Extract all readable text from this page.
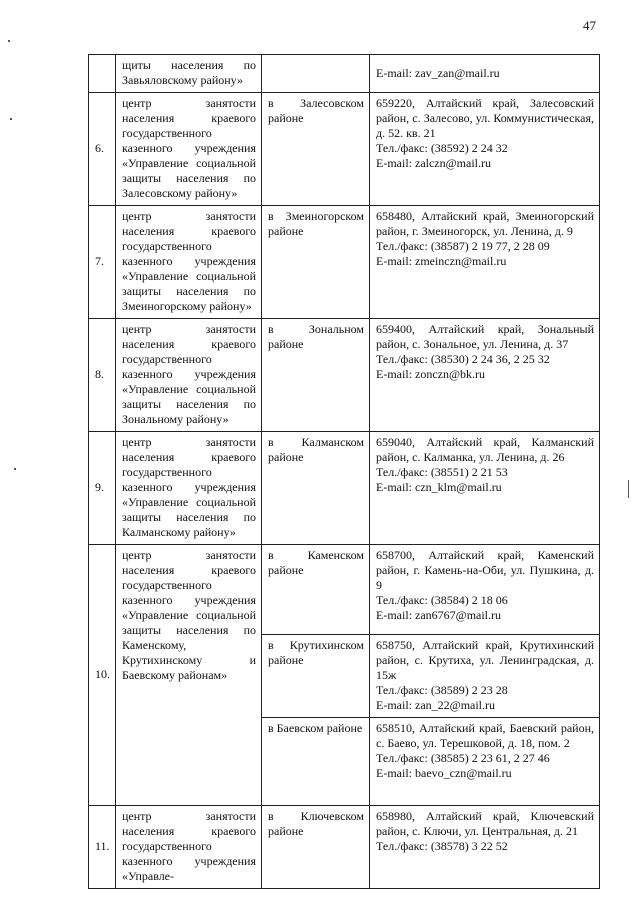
47
	щиты населения по Завьяловскому району»		E-mail: zav_zan@mail.ru

6.	центр занятости населения краевого государственного казенного учреждения «Управление социальной защиты населения по Залесовскому району»	в Залесовском районе	659220, Алтайский край, Залесовский район, с. Залесово, ул. Коммунистическая, д. 52. кв. 21
Тел./факс: (38592) 2 24 32
E-mail: zalczn@mail.ru

7.	центр занятости населения краевого государственного казенного учреждения «Управление социальной защиты населения по Змеиногорскому району»	в Змеиногорском районе	658480, Алтайский край, Змеиногорский район, г. Змеиногорск, ул. Ленина, д. 9
Тел./факс: (38587) 2 19 77, 2 28 09
E-mail: zmeinczn@mail.ru

8.	центр занятости населения краевого государственного казенного учреждения «Управление социальной защиты населения по Зональному району»	в Зональном районе	659400, Алтайский край, Зональный район, с. Зональное, ул. Ленина, д. 37
Тел./факс: (38530) 2 24 36, 2 25 32
E-mail: zonczn@bk.ru

9.	центр занятости населения краевого государственного казенного учреждения «Управление социальной защиты населения по Калманскому району»	в Калманском районе	659040, Алтайский край, Калманский район, с. Калманка, ул. Ленина, д. 26
Тел./факс: (38551) 2 21 53
E-mail: czn_klm@mail.ru

10.	центр занятости населения краевого государственного казенного учреждения «Управление социальной защиты населения по Каменскому, Крутихинскому и Баевскому районам»	в Каменском районе	658700, Алтайский край, Каменский район, г. Камень-на-Оби, ул. Пушкина, д. 9
Тел./факс: (38584) 2 18 06
E-mail: zan6767@mail.ru

		в Крутихинском районе	658750, Алтайский край, Крутихинский район, с. Крутиха, ул. Ленинградская, д. 15ж
Тел./факс: (38589) 2 23 28
E-mail: zan_22@mail.ru

		в Баевском районе	658510, Алтайский край, Баевский район, с. Баево, ул. Терешковой, д. 18, пом. 2
Тел./факс: (38585) 2 23 61, 2 27 46
E-mail: baevo_czn@mail.ru

11.	центр занятости населения краевого государственного казенного учреждения «Управле-	в Ключевском районе	658980, Алтайский край, Ключевский район, с. Ключи, ул. Центральная, д. 21
Тел./факс: (38578) 3 22 52
